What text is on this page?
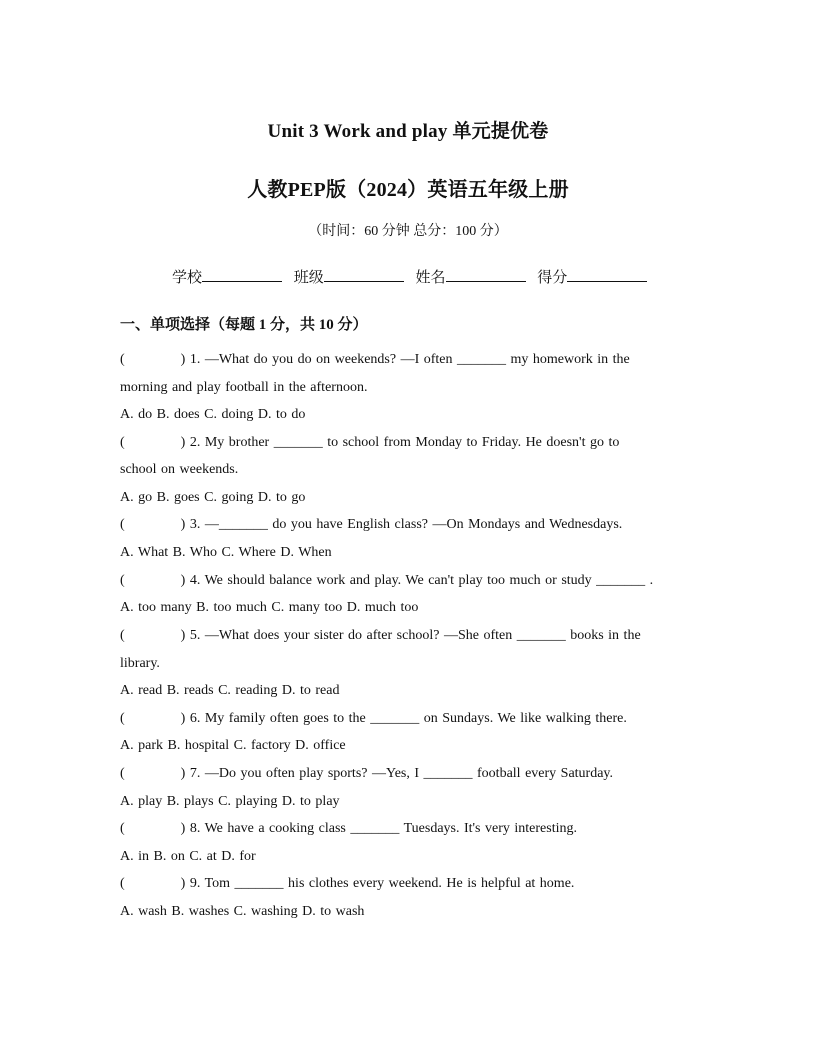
Unit 3 Work and play 单元提优卷
人教PEP版（2024）英语五年级上册
（时间：60 分钟 总分：100 分）
学校	班级	姓名	得分
一、单项选择（每题 1 分，共 10 分）
(	) 1. —What do you do on weekends? —I often _______ my homework in the
morning and play football in the afternoon.
A. do B. does C. doing D. to do
(	) 2. My brother _______ to school from Monday to Friday. He doesn't go to
school on weekends.
A. go B. goes C. going D. to go
(	) 3. —_______ do you have English class? —On Mondays and Wednesdays.
A. What B. Who C. Where D. When
(	) 4. We should balance work and play. We can't play too much or study _______ .
A. too many B. too much C. many too D. much too
(	) 5. —What does your sister do after school? —She often _______ books in the
library.
A. read B. reads C. reading D. to read
(	) 6. My family often goes to the _______ on Sundays. We like walking there.
A. park B. hospital C. factory D. office
(	) 7. —Do you often play sports? —Yes, I _______ football every Saturday.
A. play B. plays C. playing D. to play
(	) 8. We have a cooking class _______ Tuesdays. It's very interesting.
A. in B. on C. at D. for
(	) 9. Tom _______ his clothes every weekend. He is helpful at home.
A. wash B. washes C. washing D. to wash
